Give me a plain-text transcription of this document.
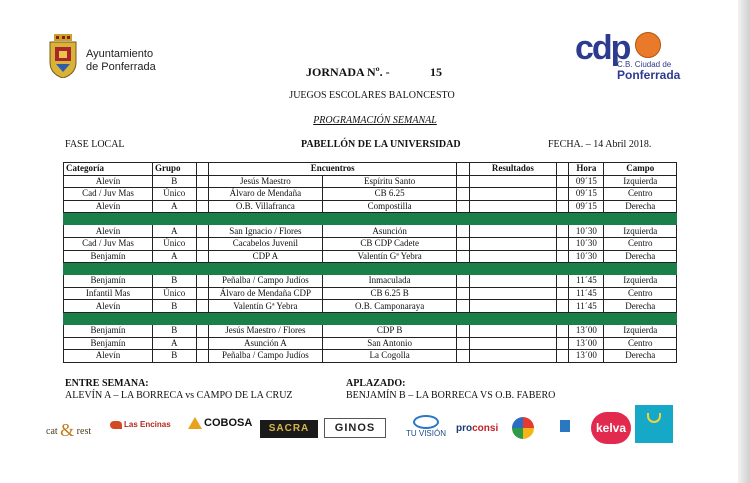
Ayuntamiento
de Ponferrada	cdp
C.B. Ciudad de
Ponferrada
JORNADA Nº. -	15
JUEGOS ESCOLARES BALONCESTO
PROGRAMACIÓN SEMANAL
FASE LOCAL	PABELLÓN DE LA UNIVERSIDAD	FECHA. – 14 Abril 2018.
Categoría	Grupo		Encuentros			Resultados		Hora	Campo
Alevín	B		Jesús Maestro	Espíritu Santo				09´15	Izquierda
Cad / Juv Mas	Único		Álvaro de Mendaña	CB 6.25				09´15	Centro
Alevín	A		O.B. Villafranca	Compostilla				09´15	Derecha

Alevín	A		San Ignacio / Flores	Asunción				10´30	Izquierda
Cad / Juv Mas	Único		Cacabelos Juvenil	CB CDP Cadete				10´30	Centro
Benjamín	A		CDP A	Valentín Gª Yebra				10´30	Derecha

Benjamín	B		Peñalba / Campo Judíos	Inmaculada				11´45	Izquierda
Infantil Mas	Único		Álvaro de Mendaña CDP	CB 6.25 B				11´45	Centro
Alevín	B		Valentín Gª Yebra	O.B. Camponaraya				11´45	Derecha

Benjamín	B		Jesús Maestro / Flores	CDP B				13´00	Izquierda
Benjamín	A		Asunción A	San Antonio				13´00	Centro
Alevín	B		Peñalba / Campo Judíos	La Cogolla				13´00	Derecha
ENTRE SEMANA:
ALEVÍN A – LA BORRECA vs CAMPO DE LA CRUZ
APLAZADO:
BENJAMÍN B – LA BORRECA VS O.B. FABERO
cat & rest
Las Encinas	COBOSA	SACRA	GINOS	TU VISIÓN	proconsi	kelva
